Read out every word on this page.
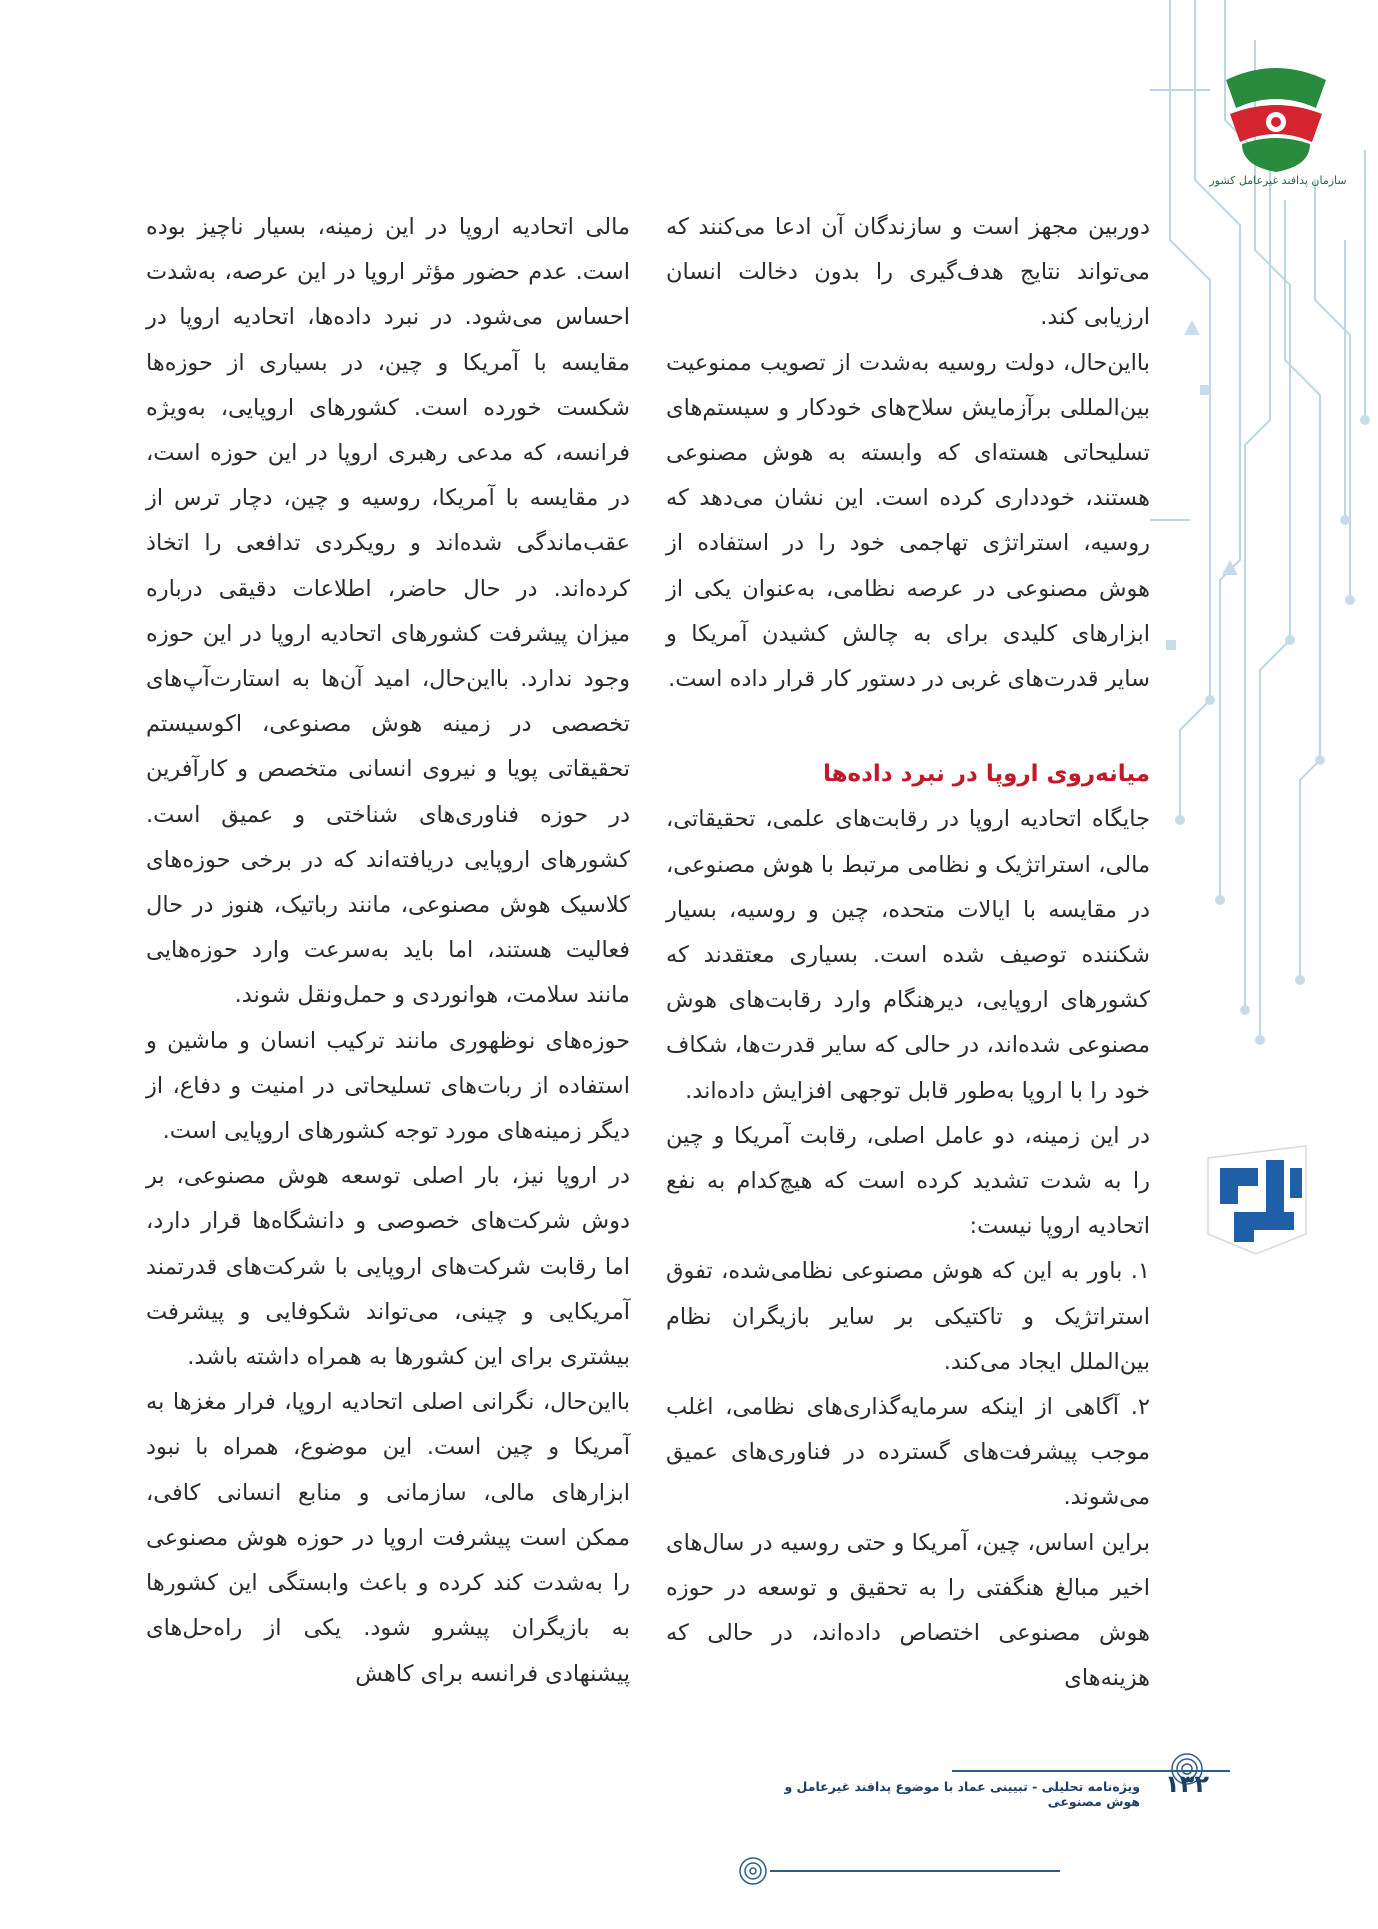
سازمان پدافند غیرعامل کشور

دوربین مجهز است و سازندگان آن ادعا می‌کنند که می‌تواند نتایج هدف‌گیری را بدون دخالت انسان ارزیابی کند.

بااین‌حال، دولت روسیه به‌شدت از تصویب ممنوعیت بین‌المللی برآزمایش سلاح‌های خودکار و سیستم‌های تسلیحاتی هسته‌ای که وابسته به هوش مصنوعی هستند، خودداری کرده است. این نشان می‌دهد که روسیه، استراتژی تهاجمی خود را در استفاده از هوش مصنوعی در عرصه نظامی، به‌عنوان یکی از ابزارهای کلیدی برای به چالش کشیدن آمریکا و سایر قدرت‌های غربی در دستور کار قرار داده است.

میانه‌روی اروپا در نبرد داده‌ها

جایگاه اتحادیه اروپا در رقابت‌های علمی، تحقیقاتی، مالی، استراتژیک و نظامی مرتبط با هوش مصنوعی، در مقایسه با ایالات متحده، چین و روسیه، بسیار شکننده توصیف شده است. بسیاری معتقدند که کشورهای اروپایی، دیرهنگام وارد رقابت‌های هوش مصنوعی شده‌اند، در حالی که سایر قدرت‌ها، شکاف خود را با اروپا به‌طور قابل توجهی افزایش داده‌اند.

در این زمینه، دو عامل اصلی، رقابت آمریکا و چین را به شدت تشدید کرده است که هیچ‌کدام به نفع اتحادیه اروپا نیست:

۱. باور به این که هوش مصنوعی نظامی‌شده، تفوق استراتژیک و تاکتیکی بر سایر بازیگران نظام بین‌الملل ایجاد می‌کند.

۲. آگاهی از اینکه سرمایه‌گذاری‌های نظامی، اغلب موجب پیشرفت‌های گسترده در فناوری‌های عمیق می‌شوند.

براین اساس، چین، آمریکا و حتی روسیه در سال‌های اخیر مبالغ هنگفتی را به تحقیق و توسعه در حوزه هوش مصنوعی اختصاص داده‌اند، در حالی که هزینه‌های

مالی اتحادیه اروپا در این زمینه، بسیار ناچیز بوده است. عدم حضور مؤثر اروپا در این عرصه، به‌شدت احساس می‌شود. در نبرد داده‌ها، اتحادیه اروپا در مقایسه با آمریکا و چین، در بسیاری از حوزه‌ها شکست خورده است. کشورهای اروپایی، به‌ویژه فرانسه، که مدعی رهبری اروپا در این حوزه است، در مقایسه با آمریکا، روسیه و چین، دچار ترس از عقب‌ماندگی شده‌اند و رویکردی تدافعی را اتخاذ کرده‌اند. در حال حاضر، اطلاعات دقیقی درباره میزان پیشرفت کشورهای اتحادیه اروپا در این حوزه وجود ندارد. بااین‌حال، امید آن‌ها به استارت‌آپ‌های تخصصی در زمینه هوش مصنوعی، اکوسیستم تحقیقاتی پویا و نیروی انسانی متخصص و کارآفرین در حوزه فناوری‌های شناختی و عمیق است. کشورهای اروپایی دریافته‌اند که در برخی حوزه‌های کلاسیک هوش مصنوعی، مانند رباتیک، هنوز در حال فعالیت هستند، اما باید به‌سرعت وارد حوزه‌هایی مانند سلامت، هوانوردی و حمل‌ونقل شوند.

حوزه‌های نوظهوری مانند ترکیب انسان و ماشین و استفاده از ربات‌های تسلیحاتی در امنیت و دفاع، از دیگر زمینه‌های مورد توجه کشورهای اروپایی است.

در اروپا نیز، بار اصلی توسعه هوش مصنوعی، بر دوش شرکت‌های خصوصی و دانشگاه‌ها قرار دارد، اما رقابت شرکت‌های اروپایی با شرکت‌های قدرتمند آمریکایی و چینی، می‌تواند شکوفایی و پیشرفت بیشتری برای این کشورها به همراه داشته باشد.

بااین‌حال، نگرانی اصلی اتحادیه اروپا، فرار مغزها به آمریکا و چین است. این موضوع، همراه با نبود ابزارهای مالی، سازمانی و منابع انسانی کافی، ممکن است پیشرفت اروپا در حوزه هوش مصنوعی را به‌شدت کند کرده و باعث وابستگی این کشورها به بازیگران پیشرو شود. یکی از راه‌حل‌های پیشنهادی فرانسه برای کاهش

۱۳۲
ویژه‌نامه تحلیلی - تبیینی عماد با موضوع پدافند غیرعامل و هوش مصنوعی
